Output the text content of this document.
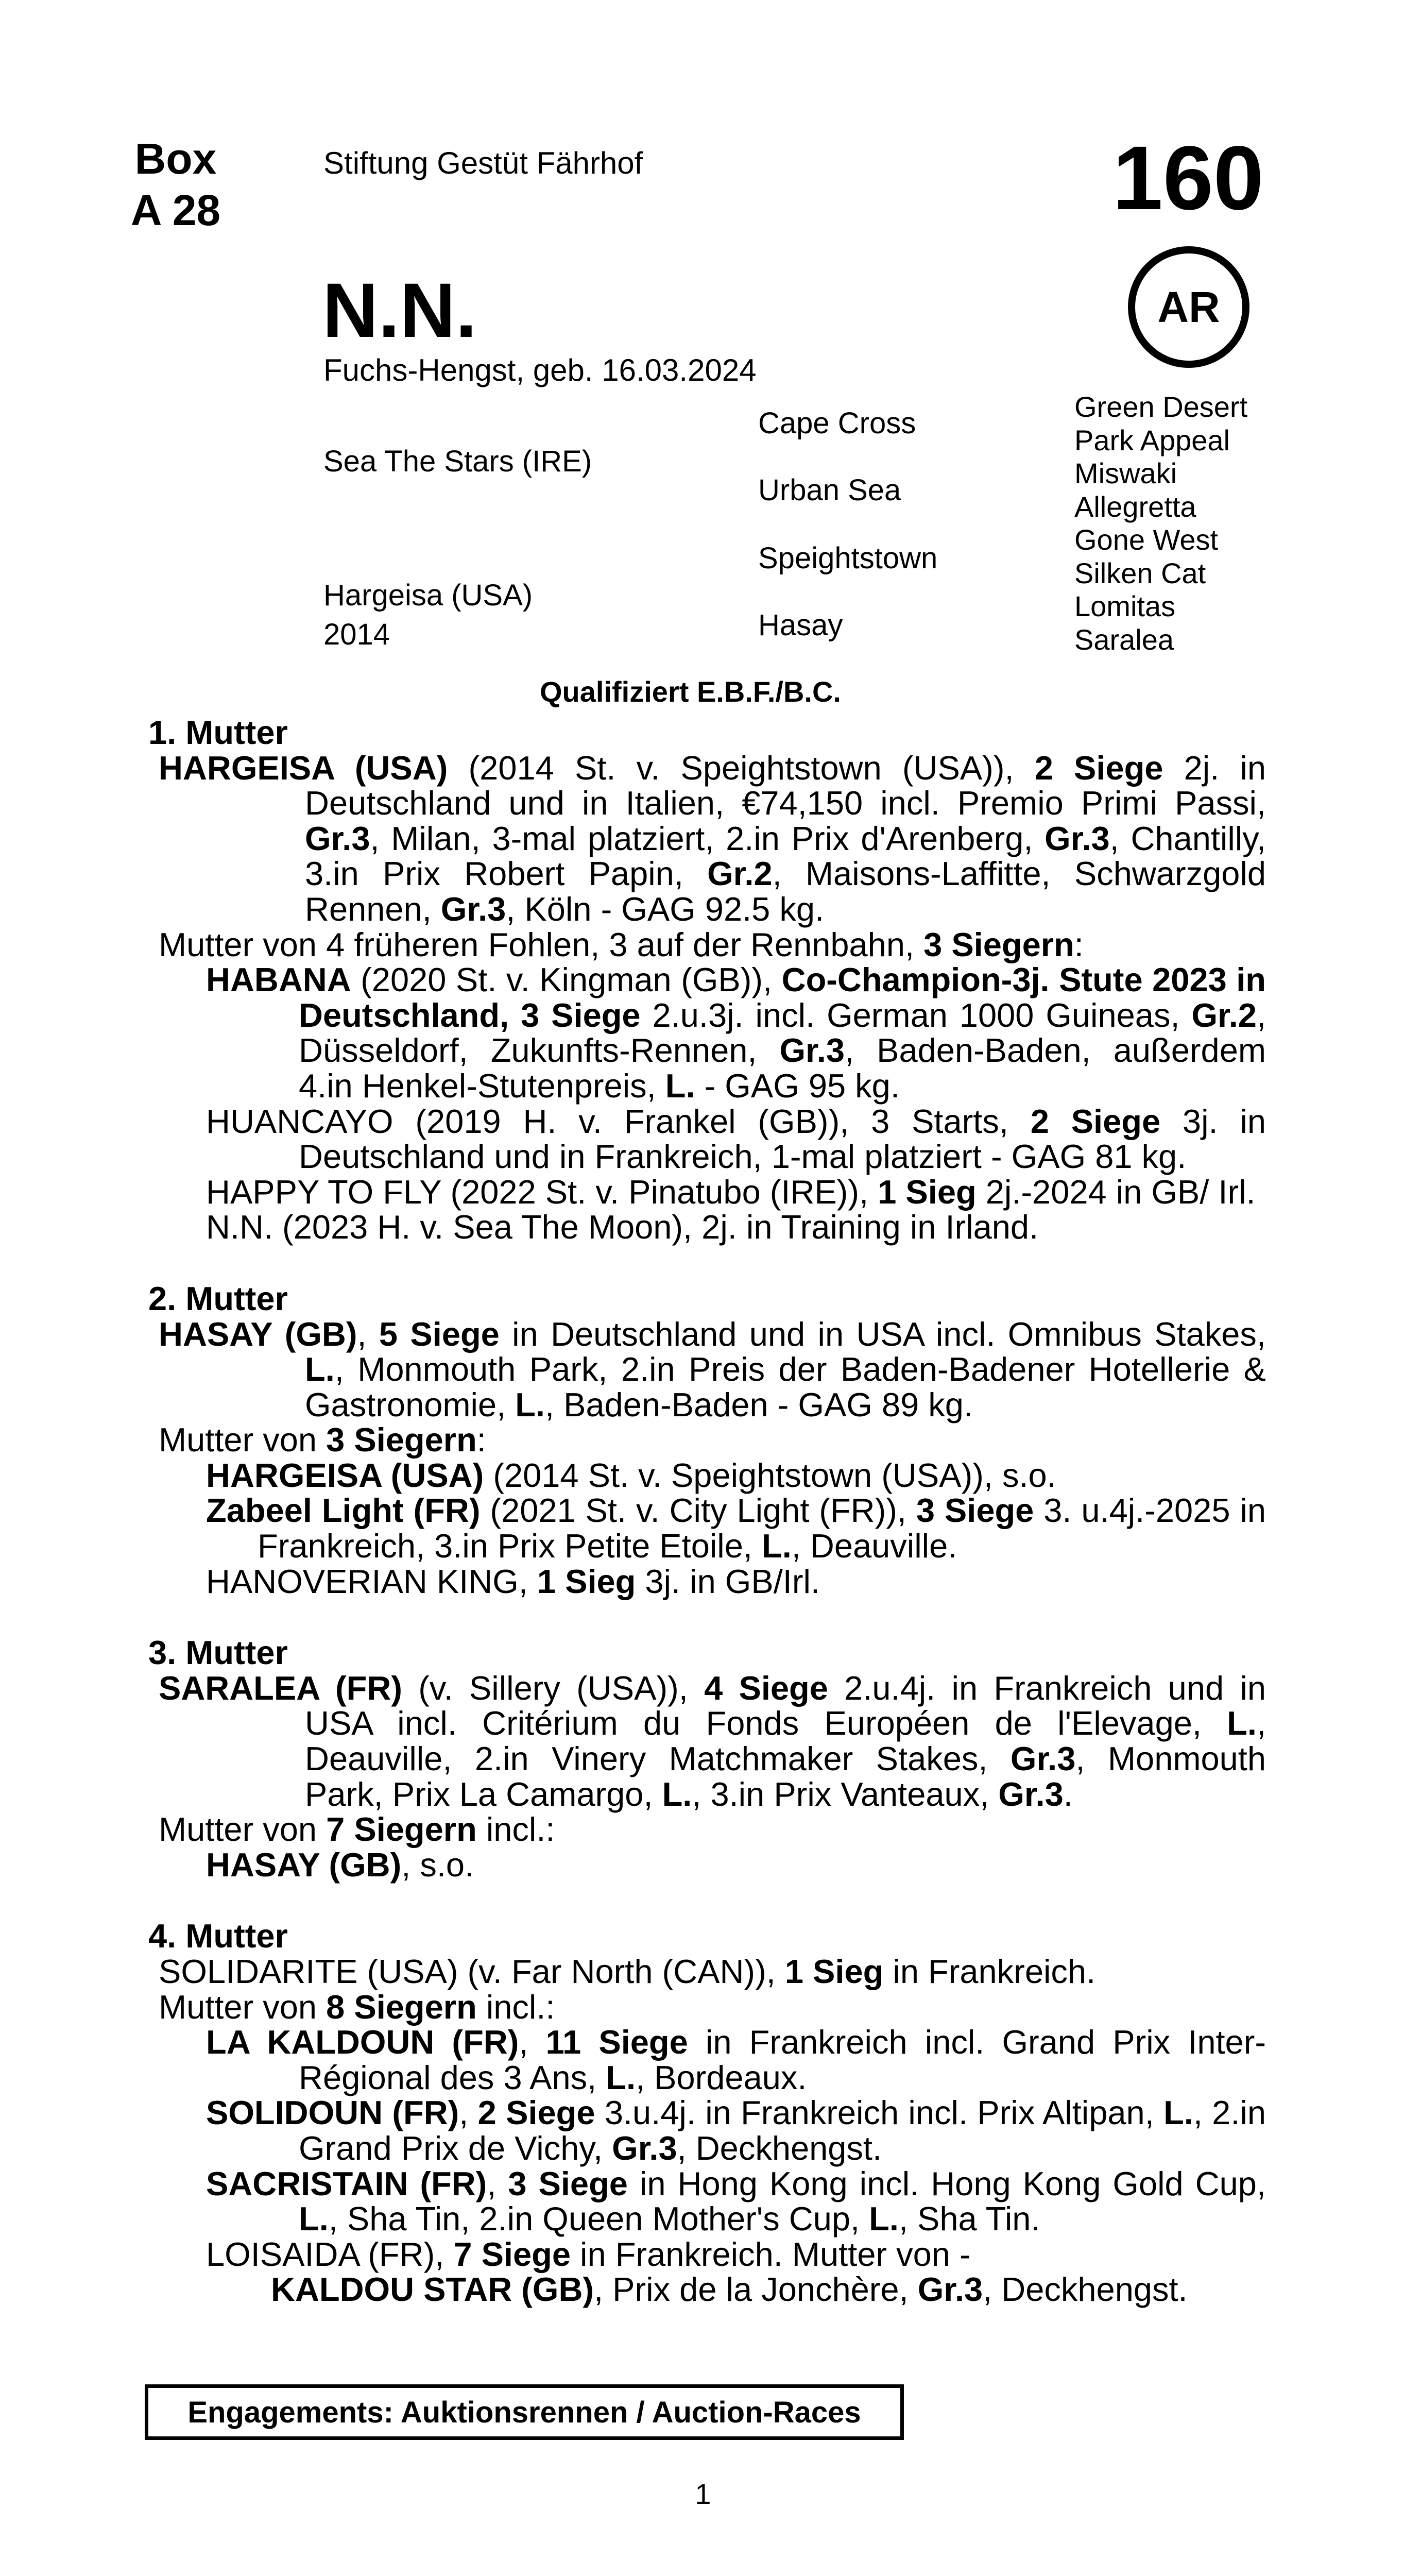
Box
A 28
Stiftung Gestüt Fährhof	160
AR
N.N.
Fuchs-Hengst, geb. 16.03.2024
Sea The Stars (IRE)
Hargeisa (USA)
2014
Cape Cross
Urban Sea
Speightstown
Hasay
Green Desert
Park Appeal
Miswaki
Allegretta
Gone West
Silken Cat
Lomitas
Saralea
Qualifiziert E.B.F./B.C.
1. Mutter
HARGEISA (USA) (2014 St. v. Speightstown (USA)), 2 Siege 2j. in Deutschland und in Italien, €74,150 incl. Premio Primi Passi, Gr.3, Milan, 3-mal platziert, 2.in Prix d'Arenberg, Gr.3, Chantilly, 3.in Prix Robert Papin, Gr.2, Maisons-Laffitte, Schwarzgold Rennen, Gr.3, Köln - GAG 92.5 kg.
Mutter von 4 früheren Fohlen, 3 auf der Rennbahn, 3 Siegern:
HABANA (2020 St. v. Kingman (GB)), Co-Champion-3j. Stute 2023 in Deutschland, 3 Siege 2.u.3j. incl. German 1000 Guineas, Gr.2, Düsseldorf, Zukunfts-Rennen, Gr.3, Baden-Baden, außerdem 4.in Henkel-Stutenpreis, L. - GAG 95 kg.
HUANCAYO (2019 H. v. Frankel (GB)), 3 Starts, 2 Siege 3j. in Deutschland und in Frankreich, 1-mal platziert - GAG 81 kg.
HAPPY TO FLY (2022 St. v. Pinatubo (IRE)), 1 Sieg 2j.-2024 in GB/ Irl.
N.N. (2023 H. v. Sea The Moon), 2j. in Training in Irland.
2. Mutter
HASAY (GB), 5 Siege in Deutschland und in USA incl. Omnibus Stakes, L., Monmouth Park, 2.in Preis der Baden-Badener Hotellerie & Gastronomie, L., Baden-Baden - GAG 89 kg.
Mutter von 3 Siegern:
HARGEISA (USA) (2014 St. v. Speightstown (USA)), s.o.
Zabeel Light (FR) (2021 St. v. City Light (FR)), 3 Siege 3. u.4j.-2025 in Frankreich, 3.in Prix Petite Etoile, L., Deauville.
HANOVERIAN KING, 1 Sieg 3j. in GB/Irl.
3. Mutter
SARALEA (FR) (v. Sillery (USA)), 4 Siege 2.u.4j. in Frankreich und in USA incl. Critérium du Fonds Européen de l'Elevage, L., Deauville, 2.in Vinery Matchmaker Stakes, Gr.3, Monmouth Park, Prix La Camargo, L., 3.in Prix Vanteaux, Gr.3.
Mutter von 7 Siegern incl.:
HASAY (GB), s.o.
4. Mutter
SOLIDARITE (USA) (v. Far North (CAN)), 1 Sieg in Frankreich.
Mutter von 8 Siegern incl.:
LA KALDOUN (FR), 11 Siege in Frankreich incl. Grand Prix Inter-Régional des 3 Ans, L., Bordeaux.
SOLIDOUN (FR), 2 Siege 3.u.4j. in Frankreich incl. Prix Altipan, L., 2.in Grand Prix de Vichy, Gr.3, Deckhengst.
SACRISTAIN (FR), 3 Siege in Hong Kong incl. Hong Kong Gold Cup, L., Sha Tin, 2.in Queen Mother's Cup, L., Sha Tin.
LOISAIDA (FR), 7 Siege in Frankreich. Mutter von -
KALDOU STAR (GB), Prix de la Jonchère, Gr.3, Deckhengst.
Engagements: Auktionsrennen / Auction-Races
1
